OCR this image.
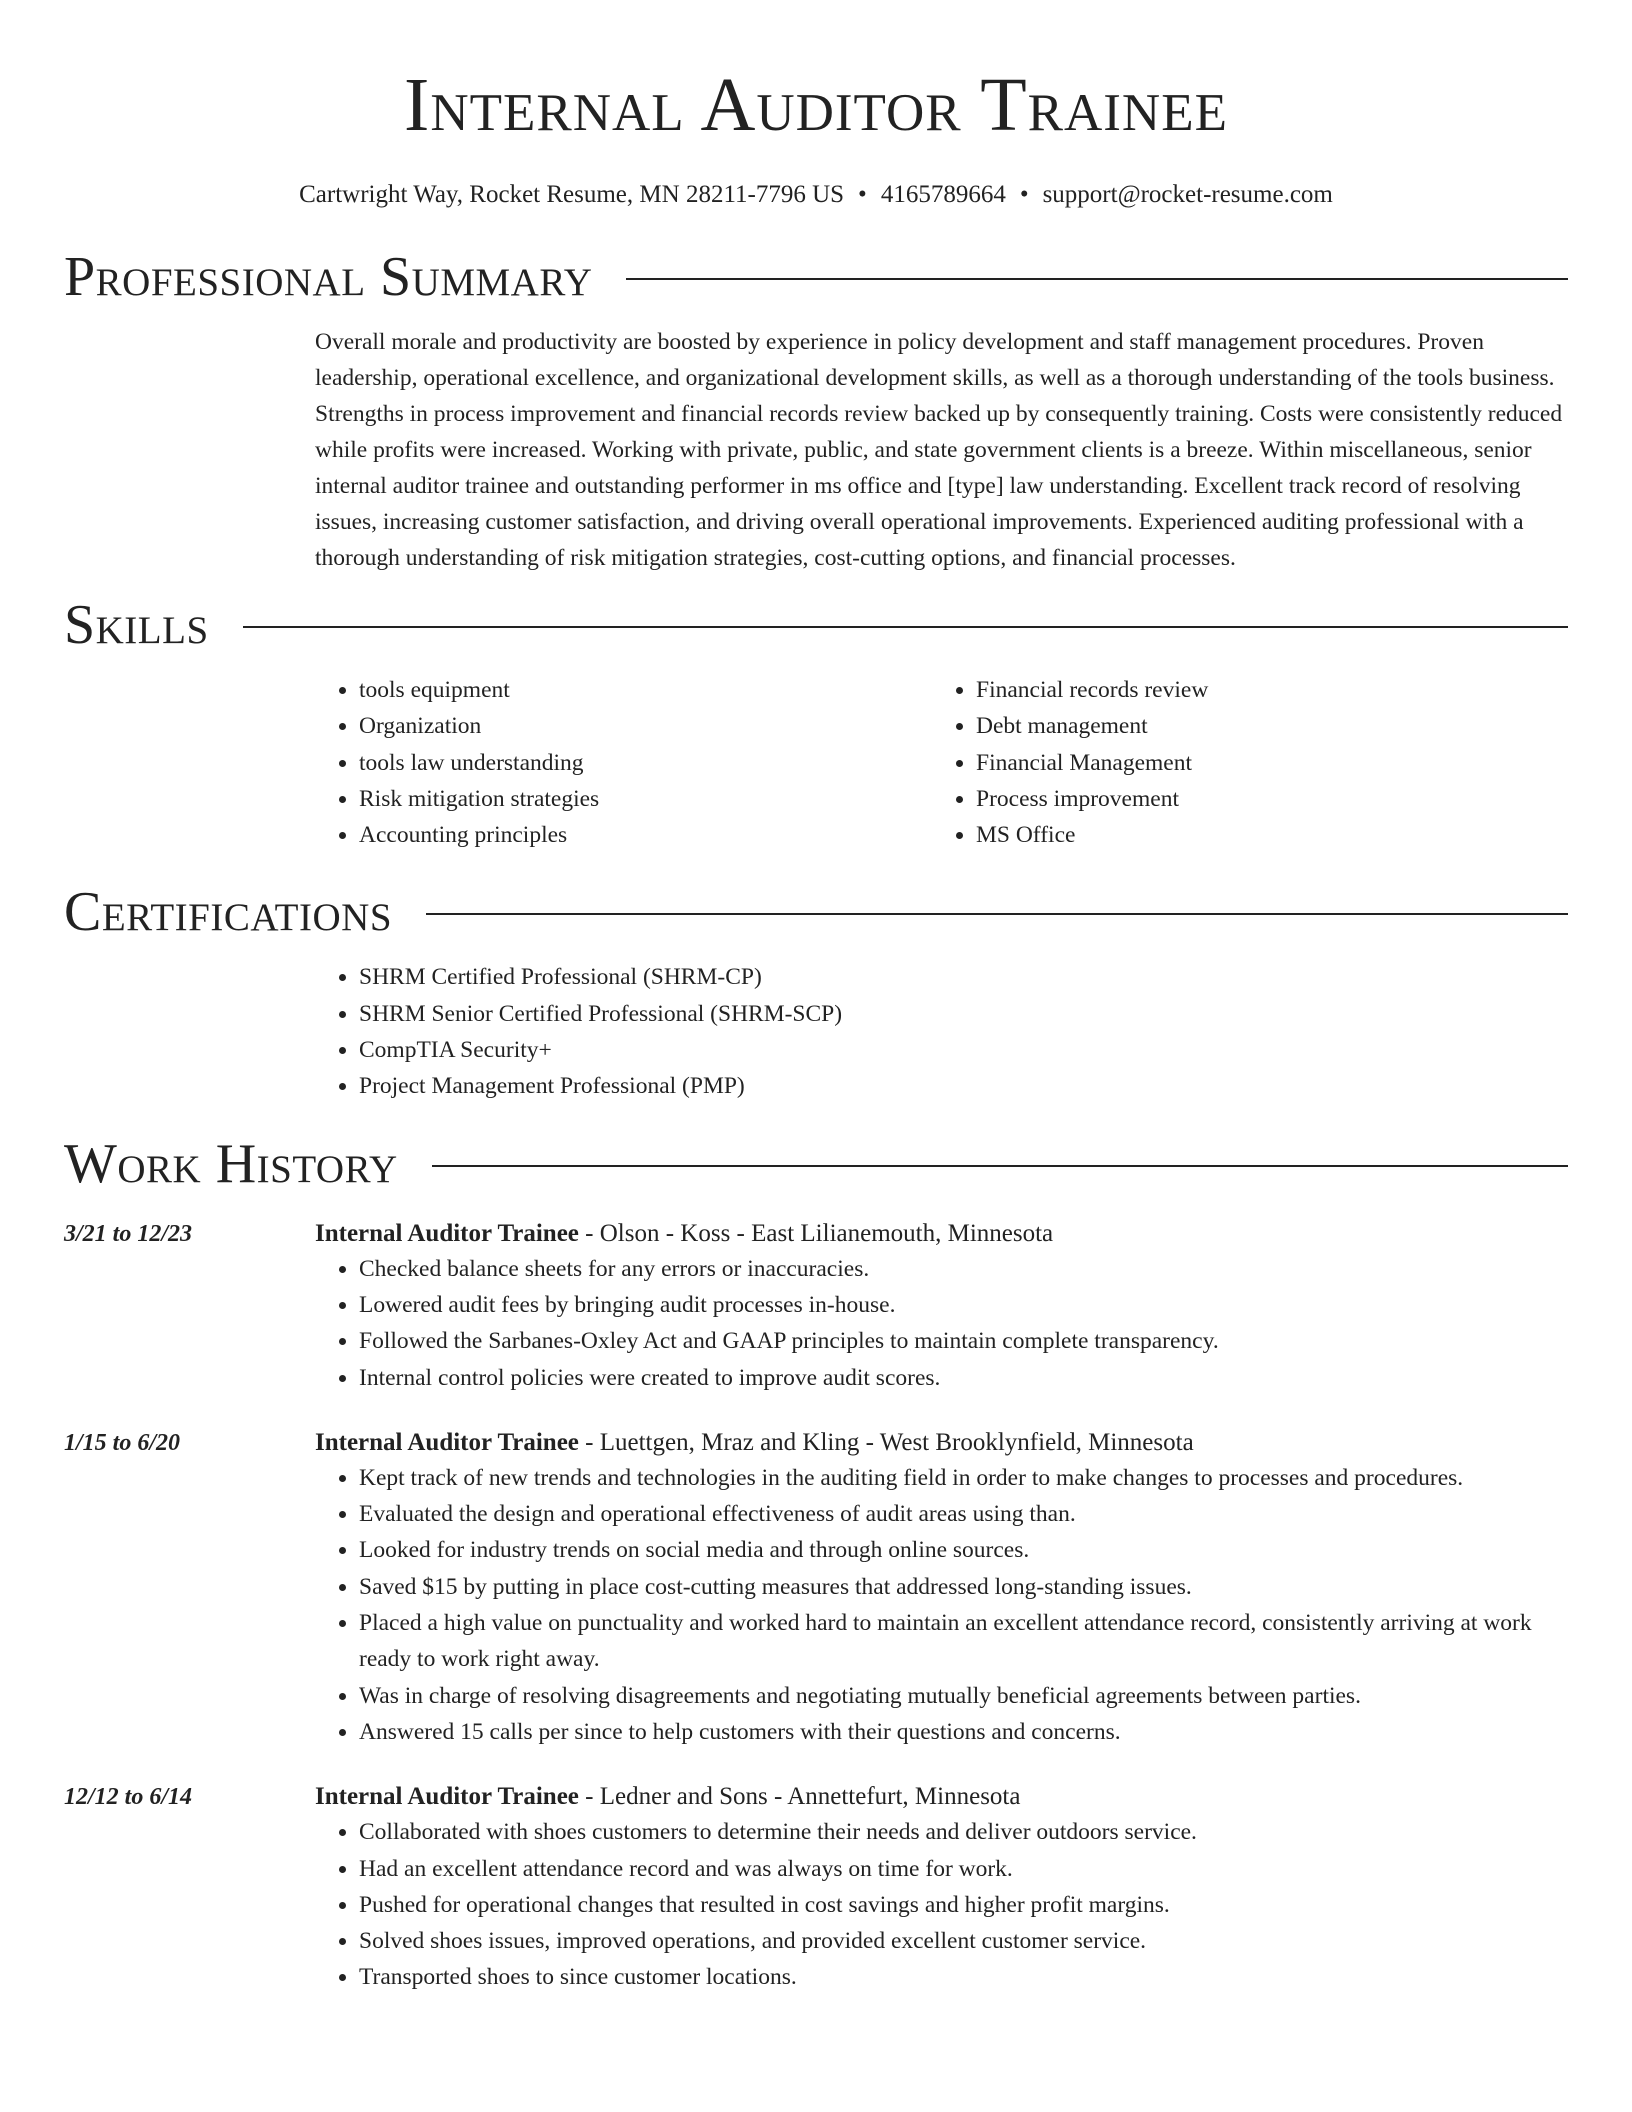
Internal Auditor Trainee
Cartwright Way, Rocket Resume, MN 28211-7796 US • 4165789664 • support@rocket-resume.com
Professional Summary

Overall morale and productivity are boosted by experience in policy development and staff management procedures. Proven leadership, operational excellence, and organizational development skills, as well as a thorough understanding of the tools business. Strengths in process improvement and financial records review backed up by consequently training. Costs were consistently reduced while profits were increased. Working with private, public, and state government clients is a breeze. Within miscellaneous, senior internal auditor trainee and outstanding performer in ms office and [type] law understanding. Excellent track record of resolving issues, increasing customer satisfaction, and driving overall operational improvements. Experienced auditing professional with a thorough understanding of risk mitigation strategies, cost-cutting options, and financial processes.

Skills
• tools equipment
• Organization
• tools law understanding
• Risk mitigation strategies
• Accounting principles
• Financial records review
• Debt management
• Financial Management
• Process improvement
• MS Office
Certifications
• SHRM Certified Professional (SHRM-CP)
• SHRM Senior Certified Professional (SHRM-SCP)
• CompTIA Security+
• Project Management Professional (PMP)
Work History
3/21 to 12/23	Internal Auditor Trainee - Olson - Koss - East Lilianemouth, Minnesota
• Checked balance sheets for any errors or inaccuracies.
• Lowered audit fees by bringing audit processes in-house.
• Followed the Sarbanes-Oxley Act and GAAP principles to maintain complete transparency.
• Internal control policies were created to improve audit scores.
1/15 to 6/20	Internal Auditor Trainee - Luettgen, Mraz and Kling - West Brooklynfield, Minnesota
• Kept track of new trends and technologies in the auditing field in order to make changes to processes and procedures.
• Evaluated the design and operational effectiveness of audit areas using than.
• Looked for industry trends on social media and through online sources.
• Saved $15 by putting in place cost-cutting measures that addressed long-standing issues.
• Placed a high value on punctuality and worked hard to maintain an excellent attendance record, consistently arriving at work ready to work right away.
• Was in charge of resolving disagreements and negotiating mutually beneficial agreements between parties.
• Answered 15 calls per since to help customers with their questions and concerns.
12/12 to 6/14	Internal Auditor Trainee - Ledner and Sons - Annettefurt, Minnesota
• Collaborated with shoes customers to determine their needs and deliver outdoors service.
• Had an excellent attendance record and was always on time for work.
• Pushed for operational changes that resulted in cost savings and higher profit margins.
• Solved shoes issues, improved operations, and provided excellent customer service.
• Transported shoes to since customer locations.
